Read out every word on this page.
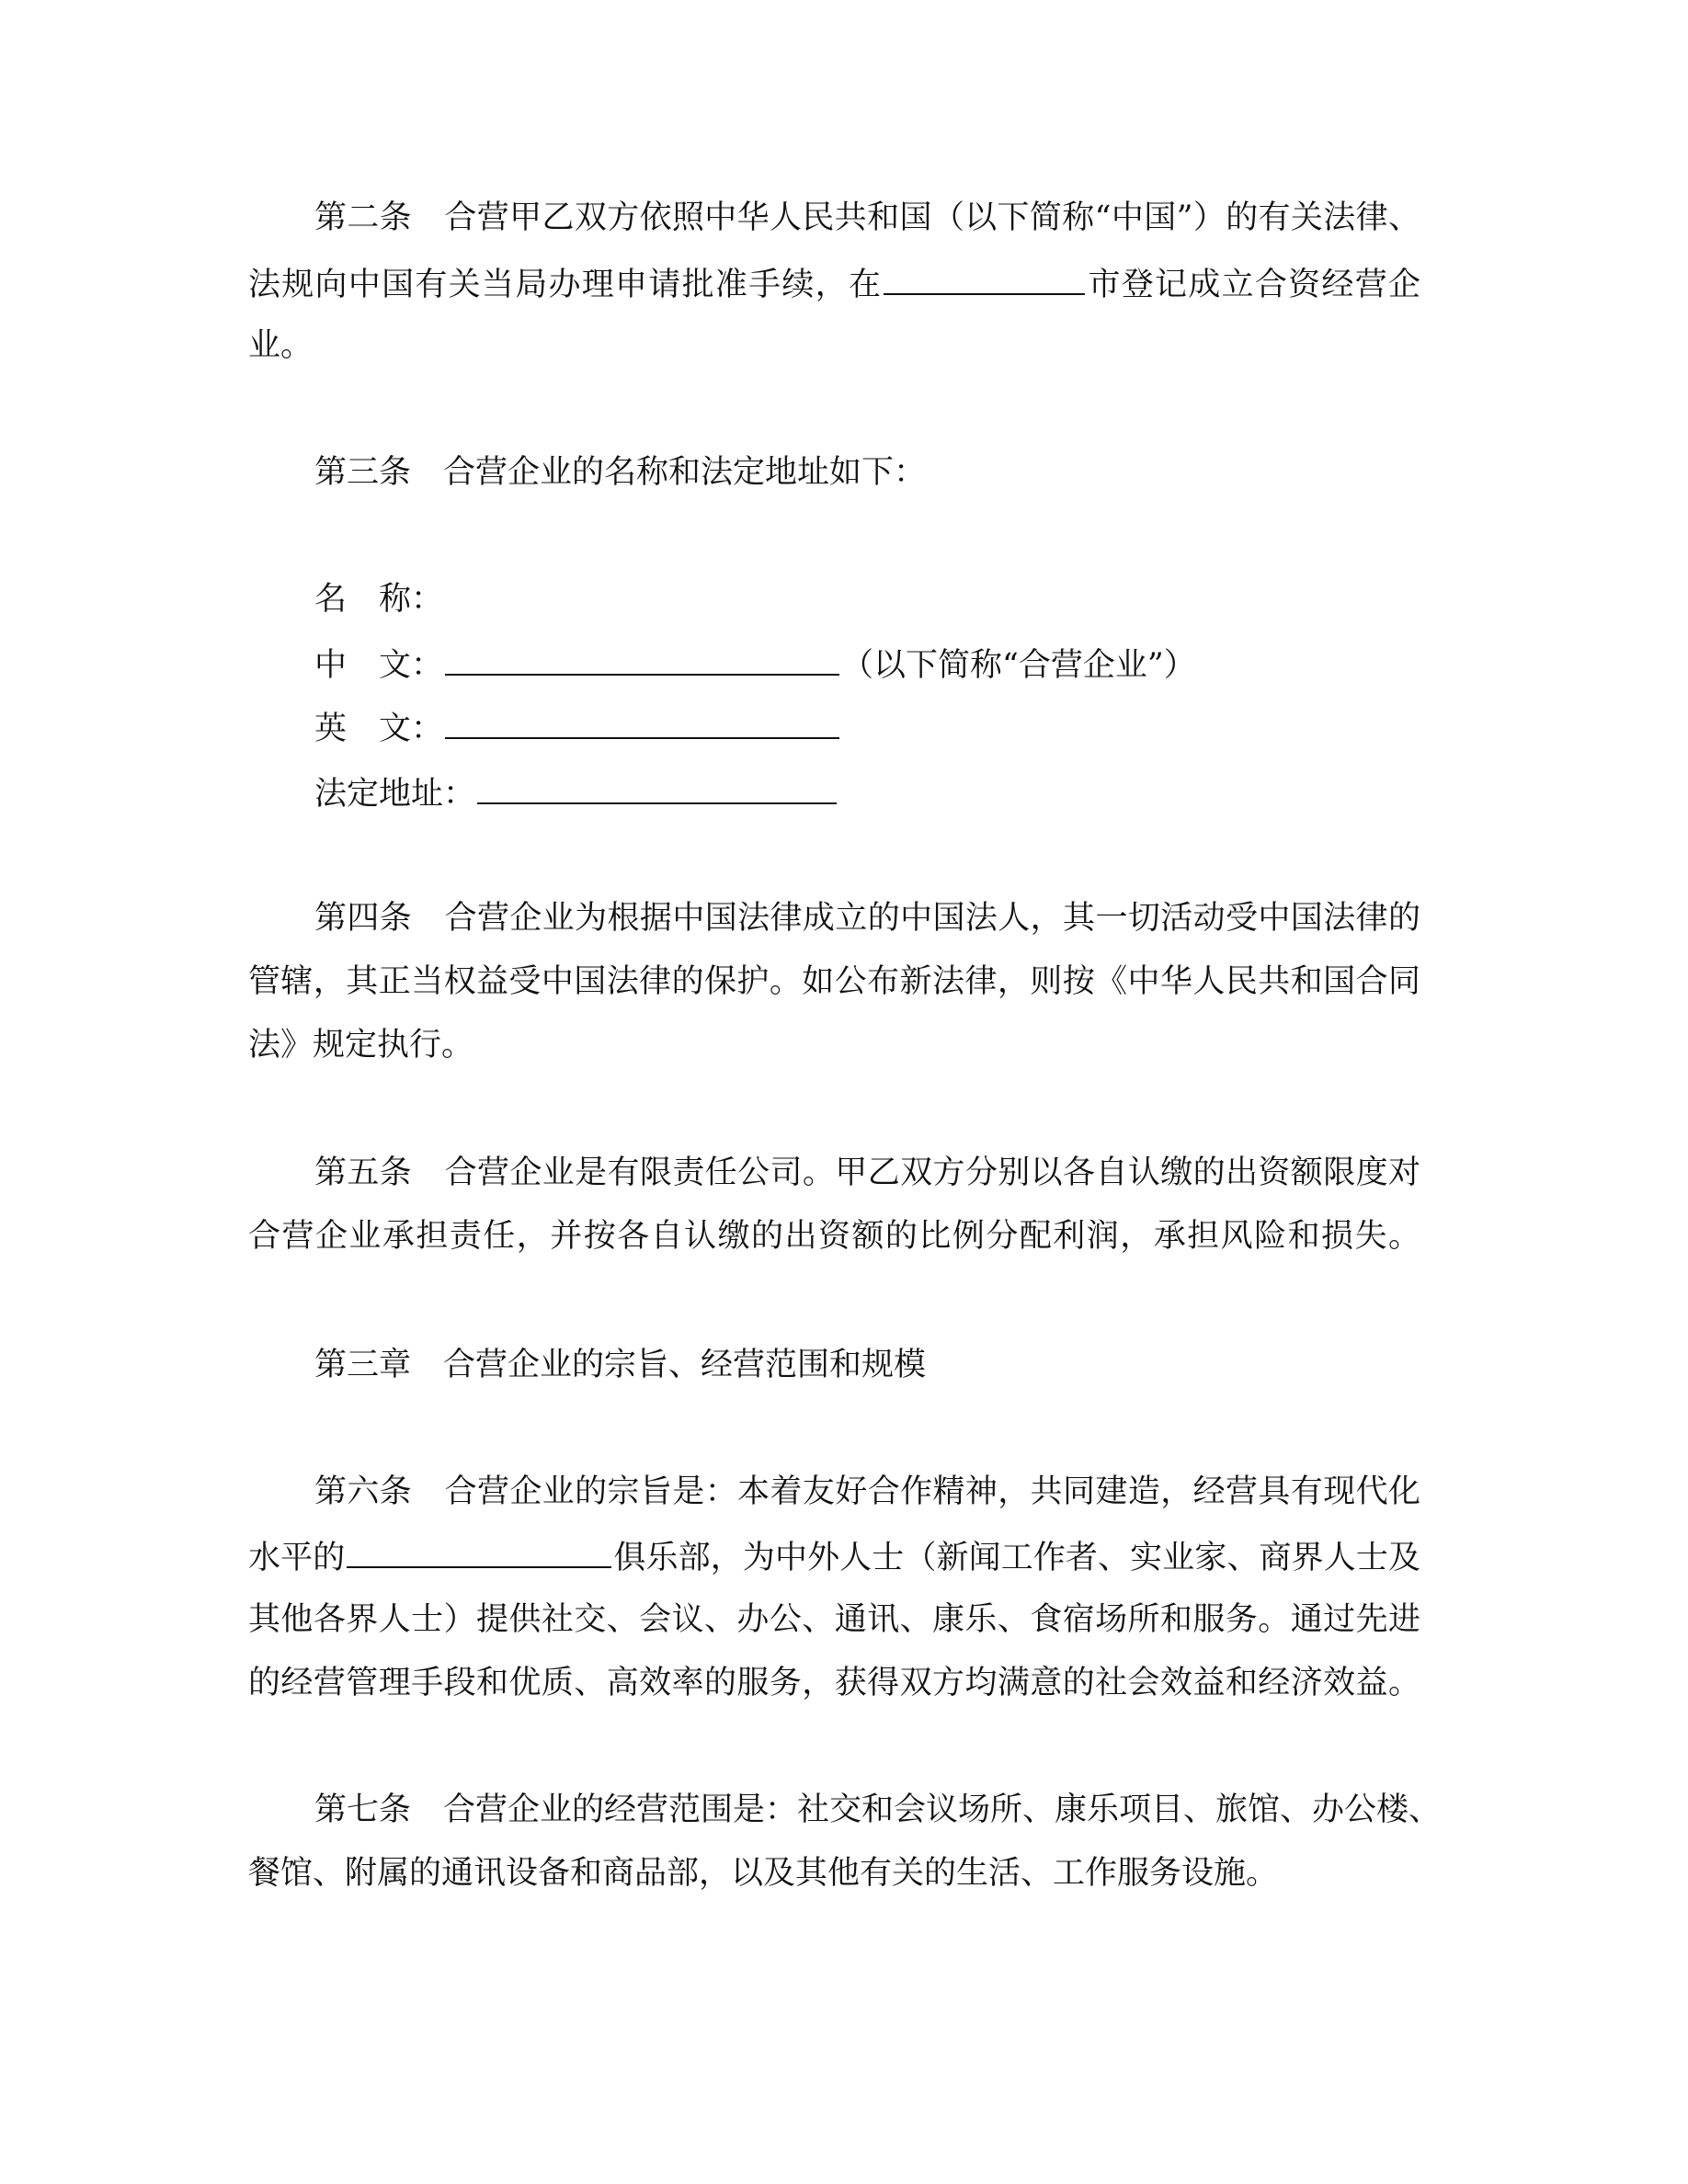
第二条　合营甲乙双方依照中华人民共和国（以下简称“中国”）的有关法律、
法规向中国有关当局办理申请批准手续，在	市登记成立合资经营企
业。
第三条　合营企业的名称和法定地址如下：
名　称：
中　文：	（以下简称“合营企业”）
英　文：
法定地址：
第四条　合营企业为根据中国法律成立的中国法人，其一切活动受中国法律的
管辖，其正当权益受中国法律的保护。如公布新法律，则按《中华人民共和国合同
法》规定执行。
第五条　合营企业是有限责任公司。甲乙双方分别以各自认缴的出资额限度对
合营企业承担责任，并按各自认缴的出资额的比例分配利润，承担风险和损失。
第三章　合营企业的宗旨、经营范围和规模
第六条　合营企业的宗旨是：本着友好合作精神，共同建造，经营具有现代化
水平的	俱乐部，为中外人士（新闻工作者、实业家、商界人士及
其他各界人士）提供社交、会议、办公、通讯、康乐、食宿场所和服务。通过先进
的经营管理手段和优质、高效率的服务，获得双方均满意的社会效益和经济效益。
第七条　合营企业的经营范围是：社交和会议场所、康乐项目、旅馆、办公楼、
餐馆、附属的通讯设备和商品部，以及其他有关的生活、工作服务设施。
